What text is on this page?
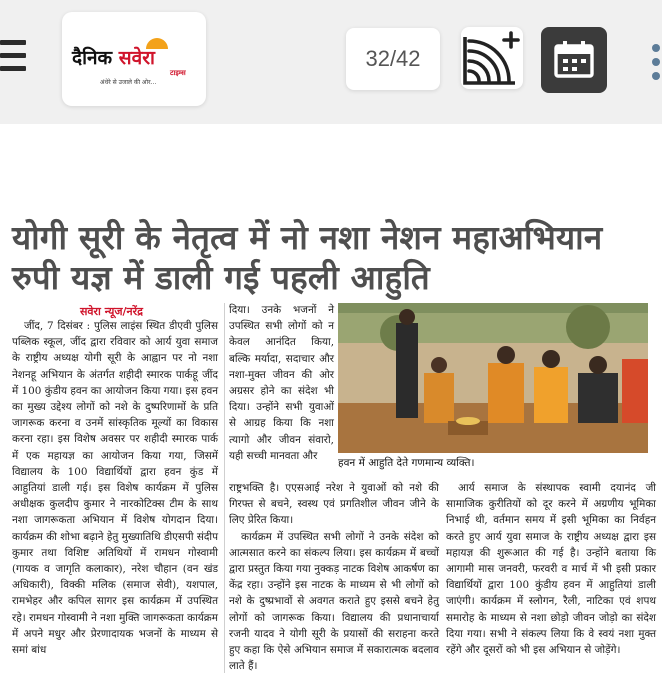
दैनिक सवेरा
टाइम्स
अंधेरे से उजाले की ओर...
32/42
योगी सूरी के नेतृत्व में नो नशा नेशन महाअभियान रुपी यज्ञ में डाली गई पहली आहुति
सवेरा न्यूज/नरेंद्र

जींद, 7 दिसंबर : पुलिस लाइंस स्थित डीएवी पुलिस पब्लिक स्कूल, जींद द्वारा रविवार को आर्य युवा समाज के राष्ट्रीय अध्यक्ष योगी सूरी के आह्वान पर नो नशा नेशनहू अभियान के अंतर्गत शहीदी स्मारक पार्कहू जींद में 100 कुंडीय हवन का आयोजन किया गया। इस हवन का मुख्य उद्देश्य लोगों को नशे के दुष्परिणामों के प्रति जागरूक करना व उनमें सांस्कृतिक मूल्यों का विकास करना रहा। इस विशेष अवसर पर शहीदी स्मारक पार्क में एक महायज्ञ का आयोजन किया गया, जिसमें विद्यालय के 100 विद्यार्थियों द्वारा हवन कुंड में आहुतियां डाली गई। इस विशेष कार्यक्रम में पुलिस अधीक्षक कुलदीप कुमार ने नारकोटिक्स टीम के साथ नशा जागरूकता अभियान में विशेष योगदान दिया। कार्यक्रम की शोभा बढ़ाने हेतु मुख्यातिथि डीएसपी संदीप कुमार तथा विशिष्ट अतिथियों में रामधन गोस्वामी (गायक व जागृति कलाकार), नरेश चौहान (वन खंड अधिकारी), विक्की मलिक (समाज सेवी), यशपाल, रामभेहर और कपिल सागर इस कार्यक्रम में उपस्थित रहे। रामधन गोस्वामी ने नशा मुक्ति जागरूकता कार्यक्रम में अपने मधुर और प्रेरणादायक भजनों के माध्यम से समां बांध

दिया। उनके भजनों ने उपस्थित सभी लोगों को न केवल आनंदित किया, बल्कि मर्यादा, सदाचार और नशा-मुक्त जीवन की ओर अग्रसर होने का संदेश भी दिया। उन्होंने सभी युवाओं से आग्रह किया कि नशा त्यागो और जीवन संवारो, यही सच्ची मानवता और

हवन में आहुति देते गणमान्य व्यक्ति।

राष्ट्रभक्ति है। एएसआई नरेश ने युवाओं को नशे की गिरफ्त से बचने, स्वस्थ एवं प्रगतिशील जीवन जीने के लिए प्रेरित किया।

कार्यक्रम में उपस्थित सभी लोगों ने उनके संदेश को आत्मसात करने का संकल्प लिया। इस कार्यक्रम में बच्चों द्वारा प्रस्तुत किया गया नुक्कड़ नाटक विशेष आकर्षण का केंद्र रहा। उन्होंने इस नाटक के माध्यम से भी लोगों को नशे के दुष्प्रभावों से अवगत कराते हुए इससे बचने हेतु लोगों को जागरूक किया। विद्यालय की प्रधानाचार्या रजनी यादव ने योगी सूरी के प्रयासों की सराहना करते हुए कहा कि ऐसे अभियान समाज में सकारात्मक बदलाव लाते हैं।

आर्य समाज के संस्थापक स्वामी दयानंद जी सामाजिक कुरीतियों को दूर करने में अग्रणीय भूमिका निभाई थी, वर्तमान समय में इसी भूमिका का निर्वहन करते हुए आर्य युवा समाज के राष्ट्रीय अध्यक्ष द्वारा इस महायज्ञ की शुरूआत की गई है। उन्होंने बताया कि आगामी मास जनवरी, फरवरी व मार्च में भी इसी प्रकार विद्यार्थियों द्वारा 100 कुंडीय हवन में आहुतियां डाली जाएंगी। कार्यक्रम में स्लोगन, रैली, नाटिका एवं शपथ समारोह के माध्यम से नशा छोड़ो जीवन जोड़ो का संदेश दिया गया। सभी ने संकल्प लिया कि वे स्वयं नशा मुक्त रहेंगे और दूसरों को भी इस अभियान से जोड़ेंगे।
